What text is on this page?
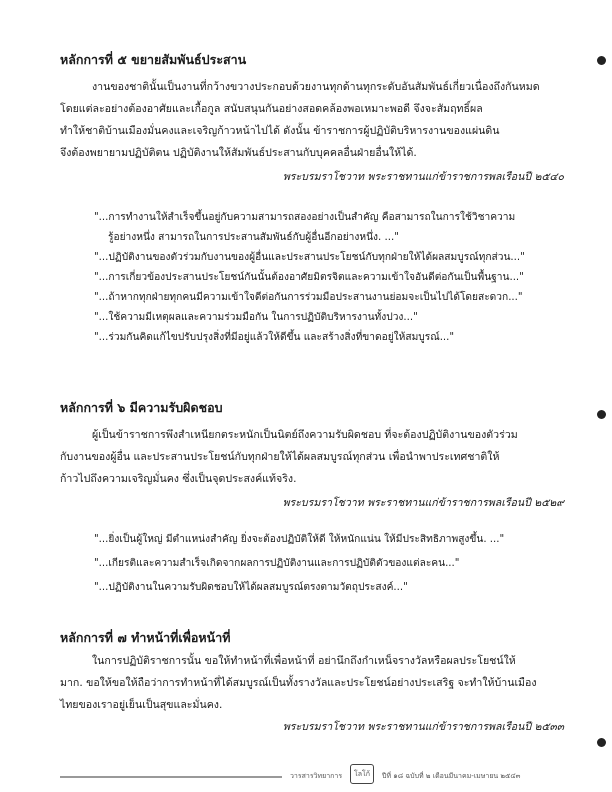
หลักการที่ ๕ ขยายสัมพันธ์ประสาน
งานของชาตินั้นเป็นงานที่กว้างขวางประกอบด้วยงานทุกด้านทุกระดับอันสัมพันธ์เกี่ยวเนื่องถึงกันหมด
โดยแต่ละอย่างต้องอาศัยและเกื้อกูล สนับสนุนกันอย่างสอดคล้องพอเหมาะพอดี จึงจะสัมฤทธิ์ผล
ทำให้ชาติบ้านเมืองมั่นคงและเจริญก้าวหน้าไปได้ ดังนั้น ข้าราชการผู้ปฏิบัติบริหารงานของแผ่นดิน
จึงต้องพยายามปฏิบัติตน ปฏิบัติงานให้สัมพันธ์ประสานกับบุคคลอื่นฝ่ายอื่นให้ได้.
พระบรมราโชวาท พระราชทานแก่ข้าราชการพลเรือนปี ๒๕๔๐
"...การทำงานให้สำเร็จขึ้นอยู่กับความสามารถสองอย่างเป็นสำคัญ คือสามารถในการใช้วิชาความ
รู้อย่างหนึ่ง สามารถในการประสานสัมพันธ์กับผู้อื่นอีกอย่างหนึ่ง. ..."
"...ปฏิบัติงานของตัวร่วมกับงานของผู้อื่นและประสานประโยชน์กับทุกฝ่ายให้ได้ผลสมบูรณ์ทุกส่วน..."
"...การเกี่ยวข้องประสานประโยชน์กันนั้นต้องอาศัยมิตรจิตและความเข้าใจอันดีต่อกันเป็นพื้นฐาน..."
"...ถ้าหากทุกฝ่ายทุกคนมีความเข้าใจดีต่อกันการร่วมมือประสานงานย่อมจะเป็นไปได้โดยสะดวก..."
"...ใช้ความมีเหตุผลและความร่วมมือกัน ในการปฏิบัติบริหารงานทั้งปวง..."
"...ร่วมกันคิดแก้ไขปรับปรุงสิ่งที่มีอยู่แล้วให้ดีขึ้น และสร้างสิ่งที่ขาดอยู่ให้สมบูรณ์..."
หลักการที่ ๖ มีความรับผิดชอบ
ผู้เป็นข้าราชการพึงสำเหนียกตระหนักเป็นนิตย์ถึงความรับผิดชอบ ที่จะต้องปฏิบัติงานของตัวร่วม
กับงานของผู้อื่น และประสานประโยชน์กับทุกฝ่ายให้ได้ผลสมบูรณ์ทุกส่วน เพื่อนำพาประเทศชาติให้
ก้าวไปถึงความเจริญมั่นคง ซึ่งเป็นจุดประสงค์แท้จริง.
พระบรมราโชวาท พระราชทานแก่ข้าราชการพลเรือนปี ๒๕๒๙
"...ยิ่งเป็นผู้ใหญ่ มีตำแหน่งสำคัญ ยิ่งจะต้องปฏิบัติให้ดี ให้หนักแน่น ให้มีประสิทธิภาพสูงขึ้น. ..."
"...เกียรติและความสำเร็จเกิดจากผลการปฏิบัติงานและการปฏิบัติตัวของแต่ละคน..."
"...ปฏิบัติงานในความรับผิดชอบให้ได้ผลสมบูรณ์ตรงตามวัตถุประสงค์..."
หลักการที่ ๗ ทำหน้าที่เพื่อหน้าที่
ในการปฏิบัติราชการนั้น ขอให้ทำหน้าที่เพื่อหน้าที่ อย่านึกถึงกำเหน็จรางวัลหรือผลประโยชน์ให้
มาก. ขอให้ขอให้ถือว่าการทำหน้าที่ได้สมบูรณ์เป็นทั้งรางวัลและประโยชน์อย่างประเสริฐ จะทำให้บ้านเมือง
ไทยของเราอยู่เย็นเป็นสุขและมั่นคง.
พระบรมราโชวาท พระราชทานแก่ข้าราชการพลเรือนปี ๒๕๓๓
วารสารวิทยาการ	โลโก้	ปีที่ ๑๘ ฉบับที่ ๒ เดือนมีนาคม-เมษายน ๒๕๔๓
